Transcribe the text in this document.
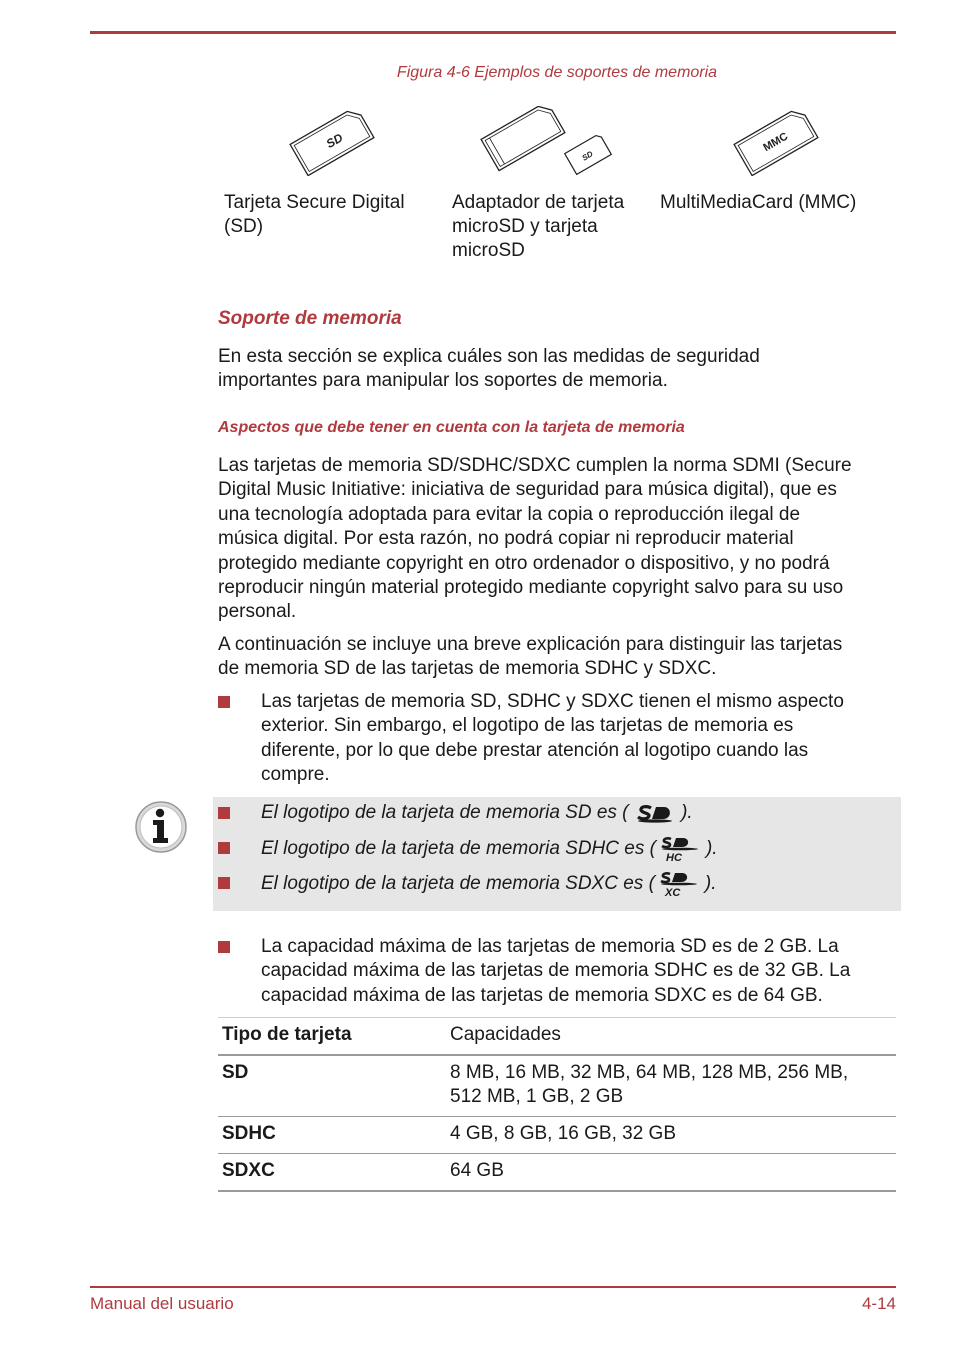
Figura 4-6 Ejemplos de soportes de memoria
SD
SD
MMC
Tarjeta Secure Digital
(SD)
Adaptador de tarjeta
microSD y tarjeta
microSD
MultiMediaCard (MMC)
Soporte de memoria
En esta sección se explica cuáles son las medidas de seguridad
importantes para manipular los soportes de memoria.
Aspectos que debe tener en cuenta con la tarjeta de memoria
Las tarjetas de memoria SD/SDHC/SDXC cumplen la norma SDMI (Secure
Digital Music Initiative: iniciativa de seguridad para música digital), que es
una tecnología adoptada para evitar la copia o reproducción ilegal de
música digital. Por esta razón, no podrá copiar ni reproducir material
protegido mediante copyright en otro ordenador o dispositivo, y no podrá
reproducir ningún material protegido mediante copyright salvo para su uso
personal.
A continuación se incluye una breve explicación para distinguir las tarjetas
de memoria SD de las tarjetas de memoria SDHC y SDXC.
Las tarjetas de memoria SD, SDHC y SDXC tienen el mismo aspecto
exterior. Sin embargo, el logotipo de las tarjetas de memoria es
diferente, por lo que debe prestar atención al logotipo cuando las
compre.
El logotipo de la tarjeta de memoria SD es (  ).
El logotipo de la tarjeta de memoria SDHC es ( HC ).
El logotipo de la tarjeta de memoria SDXC es ( XC ).
La capacidad máxima de las tarjetas de memoria SD es de 2 GB. La
capacidad máxima de las tarjetas de memoria SDHC es de 32 GB. La
capacidad máxima de las tarjetas de memoria SDXC es de 64 GB.
Tipo de tarjeta	Capacidades
SD	8 MB, 16 MB, 32 MB, 64 MB, 128 MB, 256 MB,
512 MB, 1 GB, 2 GB

SDHC	4 GB, 8 GB, 16 GB, 32 GB
SDXC	64 GB
Manual del usuario	4-14
